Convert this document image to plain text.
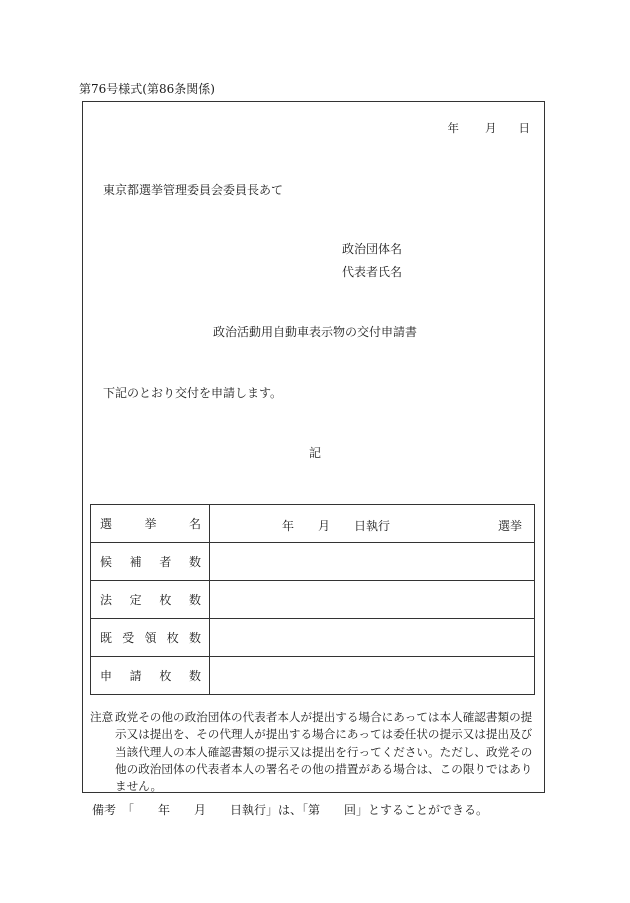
第76号様式(第86条関係)
年 月 日
東京都選挙管理委員会委員長あて
政治団体名
代表者氏名
政治活動用自動車表示物の交付申請書
下記のとおり交付を申請します。
記
選 挙 名	年　　月　　日執行 選挙

候 補 者 数	

法 定 枚 数	

既 受 領 枚 数	

申 請 枚 数	

注意 政党その他の政治団体の代表者本人が提出する場合にあっては本人確認書類の提示又は提出を、その代理人が提出する場合にあっては委任状の提示又は提出及び当該代理人の本人確認書類の提示又は提出を行ってください。ただし、政党その他の政治団体の代表者本人の署名その他の措置がある場合は、この限りではありません。
備考　「　　年　　月　　日執行」は、「第　　回」とすることができる。
